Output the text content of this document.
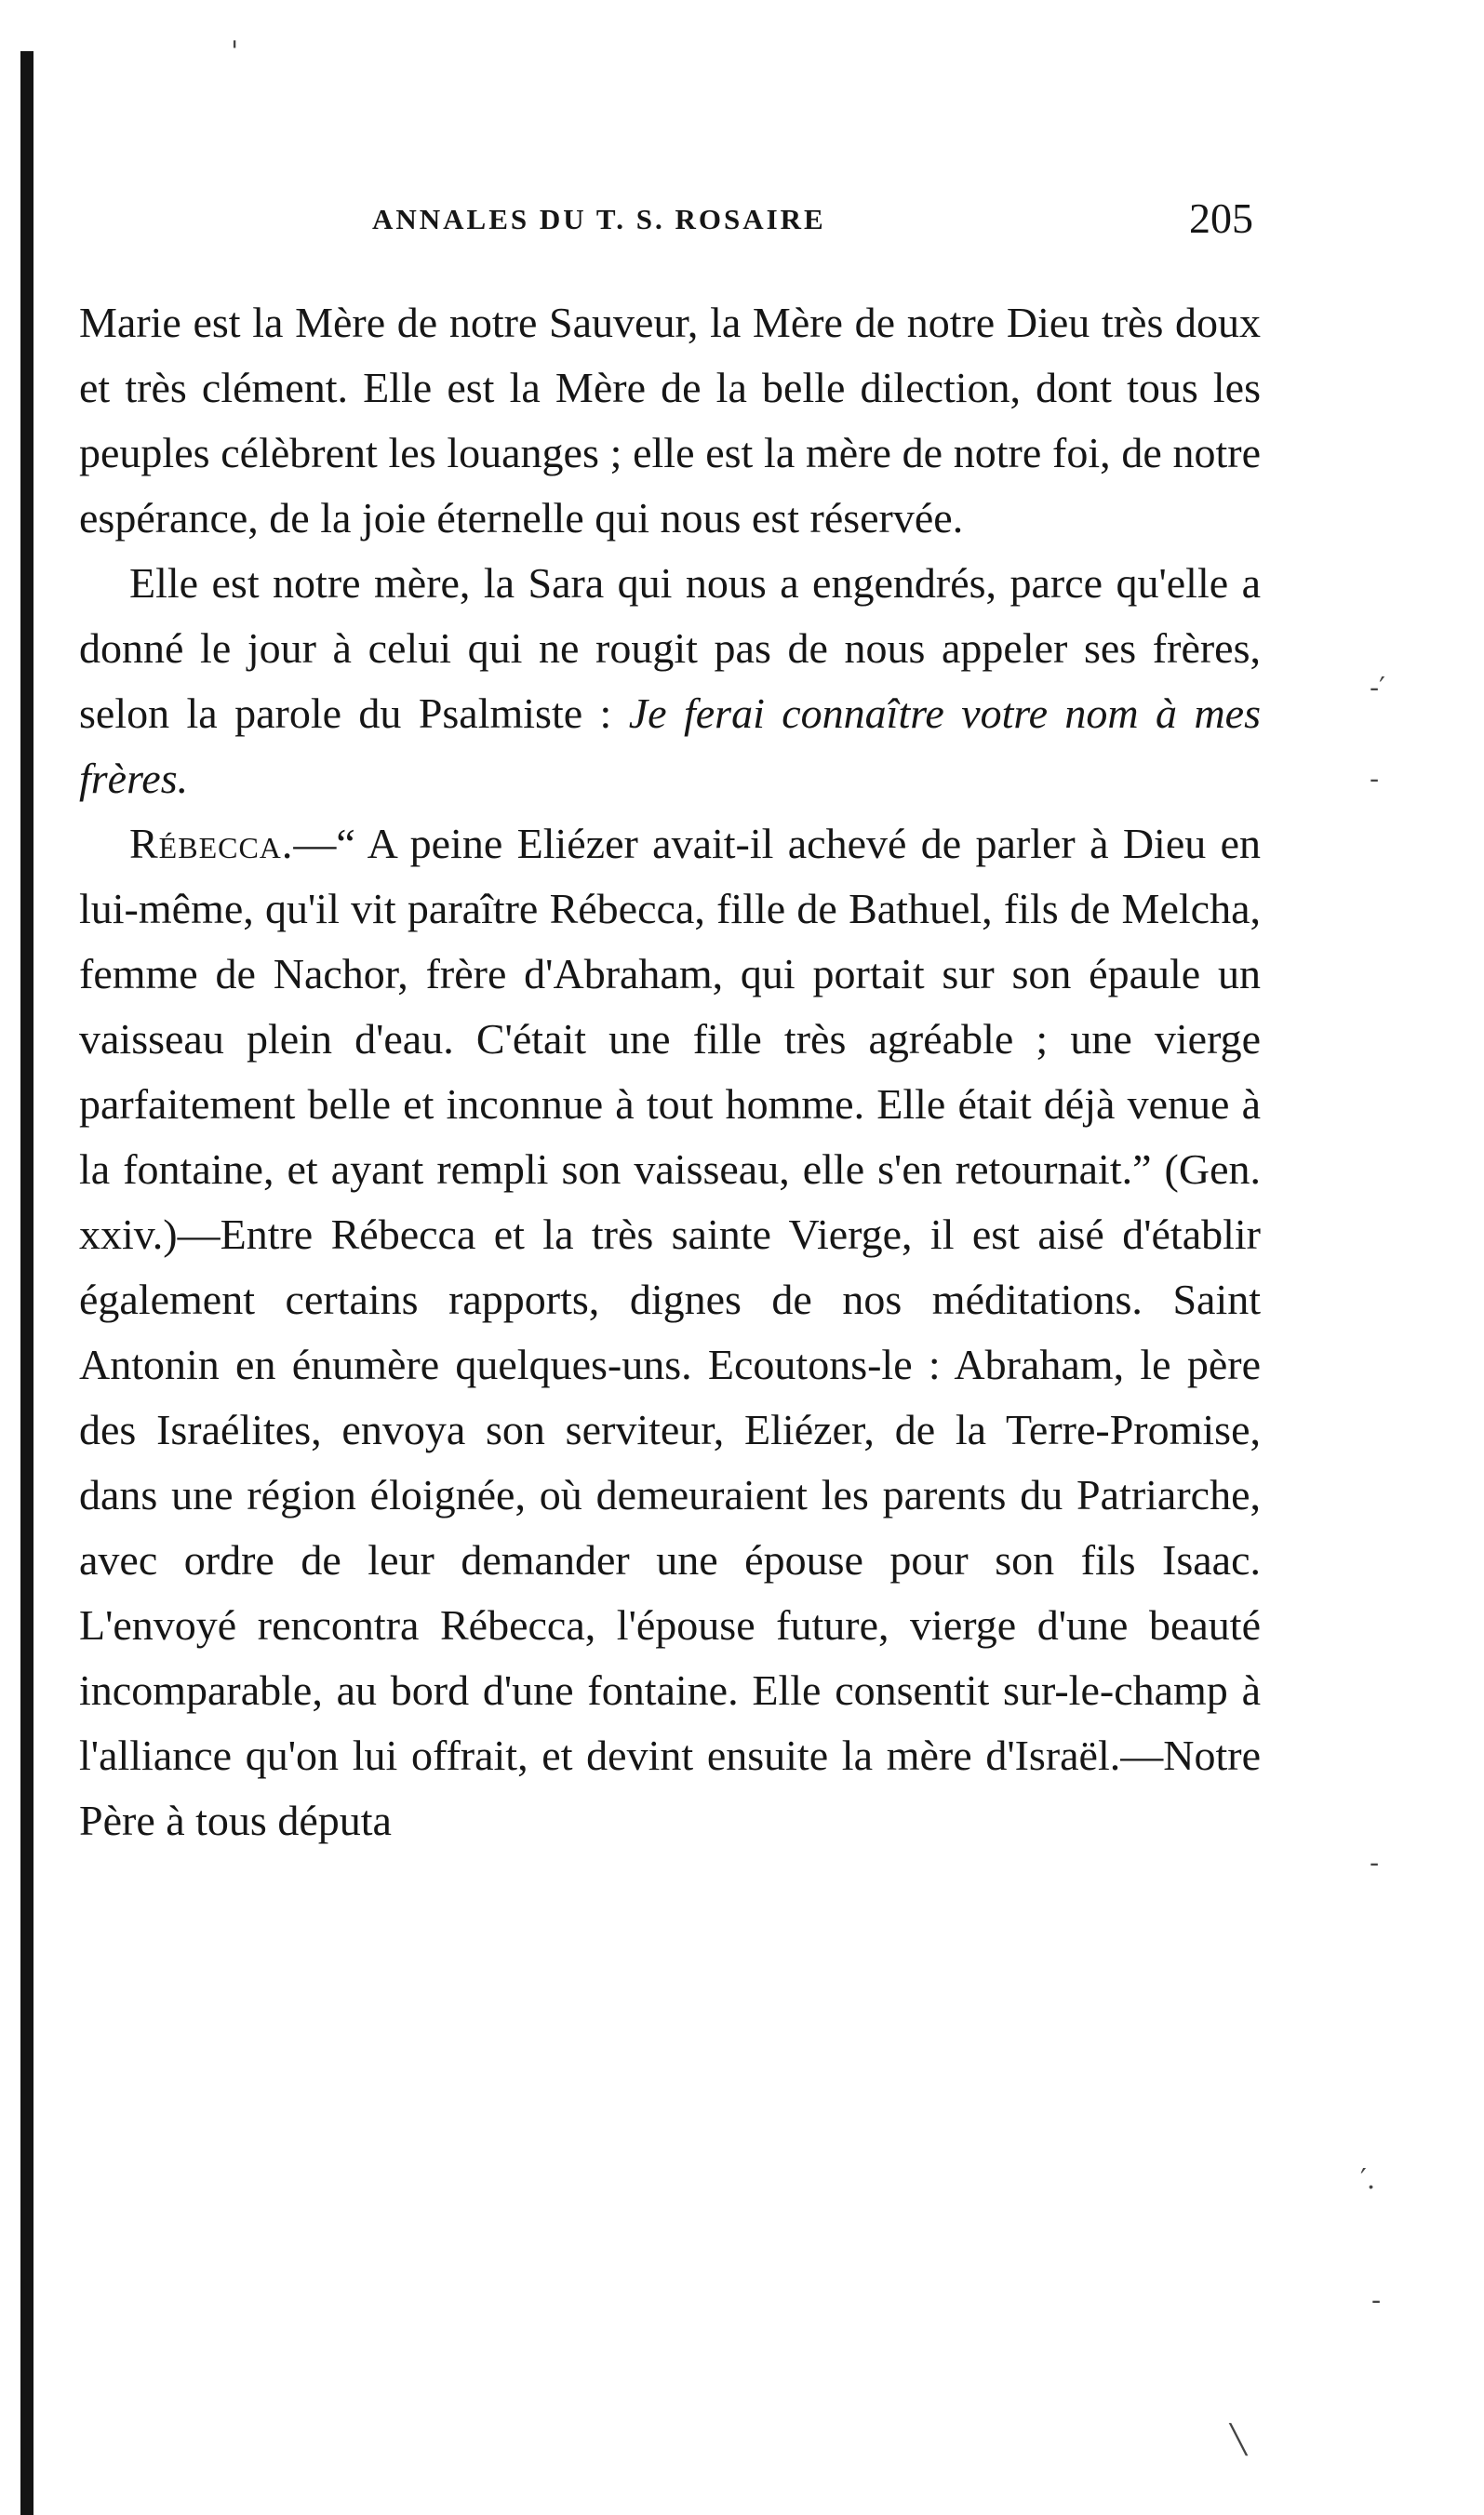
'
-′
-
-
′.
-
╲
ANNALES DU T. S. ROSAIRE	205

Marie est la Mère de notre Sauveur, la Mère de notre Dieu très doux et très clément. Elle est la Mère de la belle dilection, dont tous les peuples célèbrent les louanges ; elle est la mère de notre foi, de notre espérance, de la joie éternelle qui nous est réservée.

Elle est notre mère, la Sara qui nous a engendrés, parce qu'elle a donné le jour à celui qui ne rougit pas de nous appeler ses frères, selon la parole du Psalmiste : Je ferai connaître votre nom à mes frères.

Rébecca.—“ A peine Eliézer avait-il achevé de parler à Dieu en lui-même, qu'il vit paraître Rébecca, fille de Bathuel, fils de Melcha, femme de Nachor, frère d'Abraham, qui portait sur son épaule un vaisseau plein d'eau. C'était une fille très agréable ; une vierge parfaitement belle et inconnue à tout homme. Elle était déjà venue à la fontaine, et ayant rempli son vaisseau, elle s'en retournait.” (Gen. xxiv.)—Entre Rébecca et la très sainte Vierge, il est aisé d'établir également certains rapports, dignes de nos méditations. Saint Antonin en énumère quelques-uns. Ecoutons-le : Abraham, le père des Israélites, envoya son serviteur, Eliézer, de la Terre-Promise, dans une région éloignée, où demeuraient les parents du Patriarche, avec ordre de leur demander une épouse pour son fils Isaac. L'envoyé rencontra Rébecca, l'épouse future, vierge d'une beauté incomparable, au bord d'une fontaine. Elle consentit sur-le-champ à l'alliance qu'on lui offrait, et devint ensuite la mère d'Israël.—Notre Père à tous députa
